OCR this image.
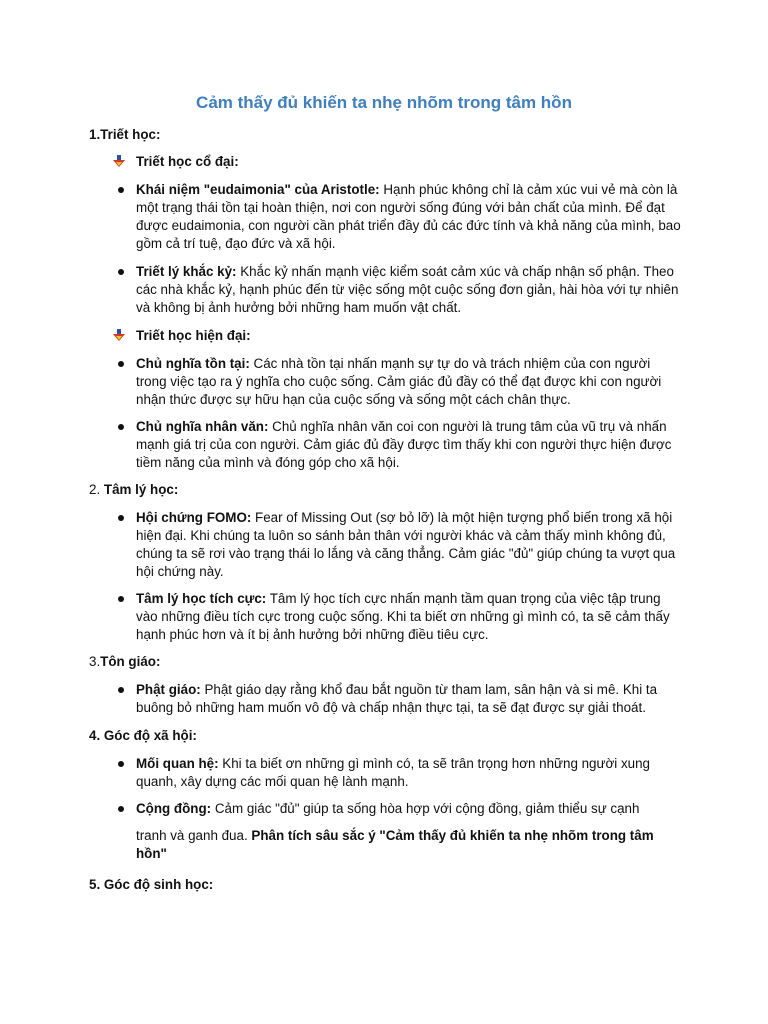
Cảm thấy đủ khiến ta nhẹ nhõm trong tâm hồn
1.Triết học:
Triết học cổ đại:
Khái niệm "eudaimonia" của Aristotle: Hạnh phúc không chỉ là cảm xúc vui vẻ mà còn là một trạng thái tồn tại hoàn thiện, nơi con người sống đúng với bản chất của mình. Để đạt được eudaimonia, con người cần phát triển đầy đủ các đức tính và khả năng của mình, bao gồm cả trí tuệ, đạo đức và xã hội.
Triết lý khắc kỷ: Khắc kỷ nhấn mạnh việc kiểm soát cảm xúc và chấp nhận số phận. Theo các nhà khắc kỷ, hạnh phúc đến từ việc sống một cuộc sống đơn giản, hài hòa với tự nhiên và không bị ảnh hưởng bởi những ham muốn vật chất.
Triết học hiện đại:
Chủ nghĩa tồn tại: Các nhà tồn tại nhấn mạnh sự tự do và trách nhiệm của con người trong việc tạo ra ý nghĩa cho cuộc sống. Cảm giác đủ đầy có thể đạt được khi con người nhận thức được sự hữu hạn của cuộc sống và sống một cách chân thực.
Chủ nghĩa nhân văn: Chủ nghĩa nhân văn coi con người là trung tâm của vũ trụ và nhấn mạnh giá trị của con người. Cảm giác đủ đầy được tìm thấy khi con người thực hiện được tiềm năng của mình và đóng góp cho xã hội.
2. Tâm lý học:
Hội chứng FOMO: Fear of Missing Out (sợ bỏ lỡ) là một hiện tượng phổ biến trong xã hội hiện đại. Khi chúng ta luôn so sánh bản thân với người khác và cảm thấy mình không đủ, chúng ta sẽ rơi vào trạng thái lo lắng và căng thẳng. Cảm giác "đủ" giúp chúng ta vượt qua hội chứng này.
Tâm lý học tích cực: Tâm lý học tích cực nhấn mạnh tầm quan trọng của việc tập trung vào những điều tích cực trong cuộc sống. Khi ta biết ơn những gì mình có, ta sẽ cảm thấy hạnh phúc hơn và ít bị ảnh hưởng bởi những điều tiêu cực.
3.Tôn giáo:
Phật giáo: Phật giáo dạy rằng khổ đau bắt nguồn từ tham lam, sân hận và si mê. Khi ta buông bỏ những ham muốn vô độ và chấp nhận thực tại, ta sẽ đạt được sự giải thoát.
4. Góc độ xã hội:
Mối quan hệ: Khi ta biết ơn những gì mình có, ta sẽ trân trọng hơn những người xung quanh, xây dựng các mối quan hệ lành mạnh.
Cộng đồng: Cảm giác "đủ" giúp ta sống hòa hợp với cộng đồng, giảm thiểu sự cạnh
tranh và ganh đua. Phân tích sâu sắc ý "Cảm thấy đủ khiến ta nhẹ nhõm trong tâm hồn"
5. Góc độ sinh học:
